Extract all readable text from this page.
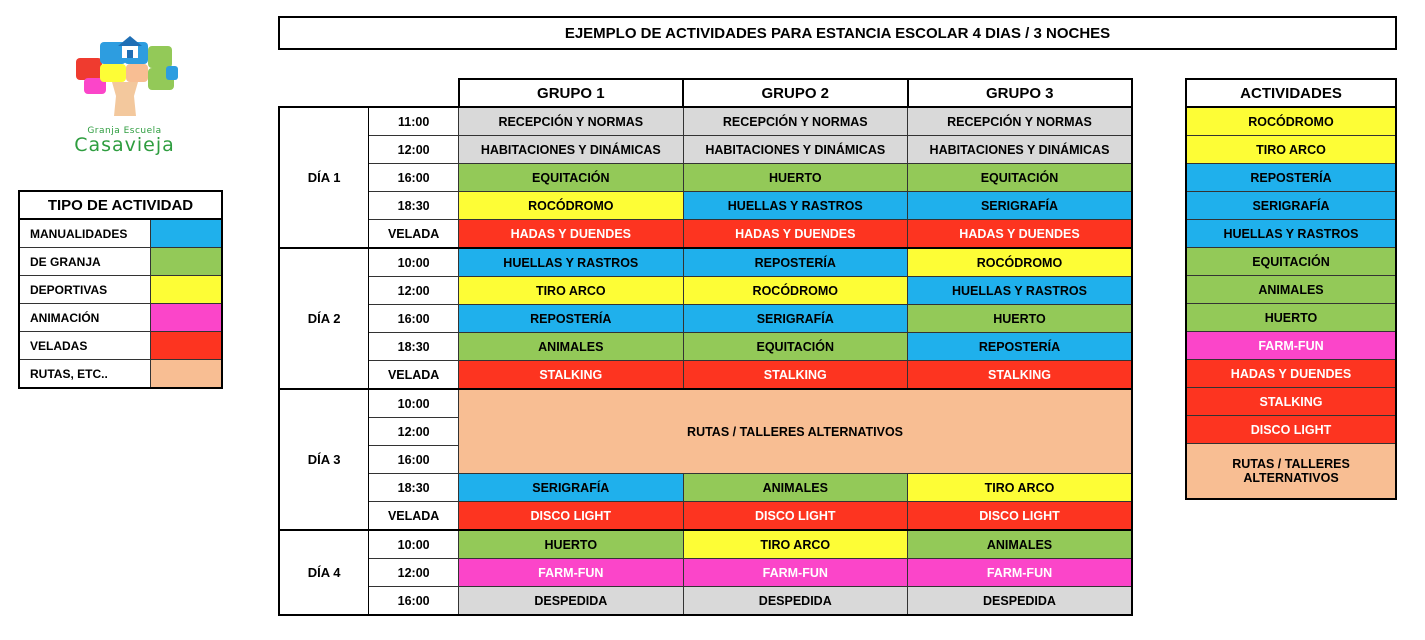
Granja Escuela
Casavieja
EJEMPLO DE ACTIVIDADES PARA ESTANCIA ESCOLAR 4 DIAS / 3 NOCHES
TIPO DE ACTIVIDAD	
MANUALIDADES	
DE GRANJA	
DEPORTIVAS	
ANIMACIÓN	
VELADAS	
RUTAS, ETC..	
		GRUPO 1	GRUPO 2	GRUPO 3
DÍA 1	11:00	RECEPCIÓN Y NORMAS	RECEPCIÓN Y NORMAS	RECEPCIÓN Y NORMAS
	12:00	HABITACIONES Y DINÁMICAS	HABITACIONES Y DINÁMICAS	HABITACIONES Y DINÁMICAS
	16:00	EQUITACIÓN	HUERTO	EQUITACIÓN
	18:30	ROCÓDROMO	HUELLAS Y RASTROS	SERIGRAFÍA
	VELADA	HADAS Y DUENDES	HADAS Y DUENDES	HADAS Y DUENDES
DÍA 2	10:00	HUELLAS Y RASTROS	REPOSTERÍA	ROCÓDROMO
	12:00	TIRO ARCO	ROCÓDROMO	HUELLAS Y RASTROS
	16:00	REPOSTERÍA	SERIGRAFÍA	HUERTO
	18:30	ANIMALES	EQUITACIÓN	REPOSTERÍA
	VELADA	STALKING	STALKING	STALKING
DÍA 3	10:00	RUTAS / TALLERES ALTERNATIVOS		
	12:00			
	16:00			
	18:30	SERIGRAFÍA	ANIMALES	TIRO ARCO
	VELADA	DISCO LIGHT	DISCO LIGHT	DISCO LIGHT
DÍA 4	10:00	HUERTO	TIRO ARCO	ANIMALES
	12:00	FARM-FUN	FARM-FUN	FARM-FUN
	16:00	DESPEDIDA	DESPEDIDA	DESPEDIDA
ACTIVIDADES
ROCÓDROMO
TIRO ARCO
REPOSTERÍA
SERIGRAFÍA
HUELLAS Y RASTROS
EQUITACIÓN
ANIMALES
HUERTO
FARM-FUN
HADAS Y DUENDES
STALKING
DISCO LIGHT
RUTAS / TALLERES ALTERNATIVOS
